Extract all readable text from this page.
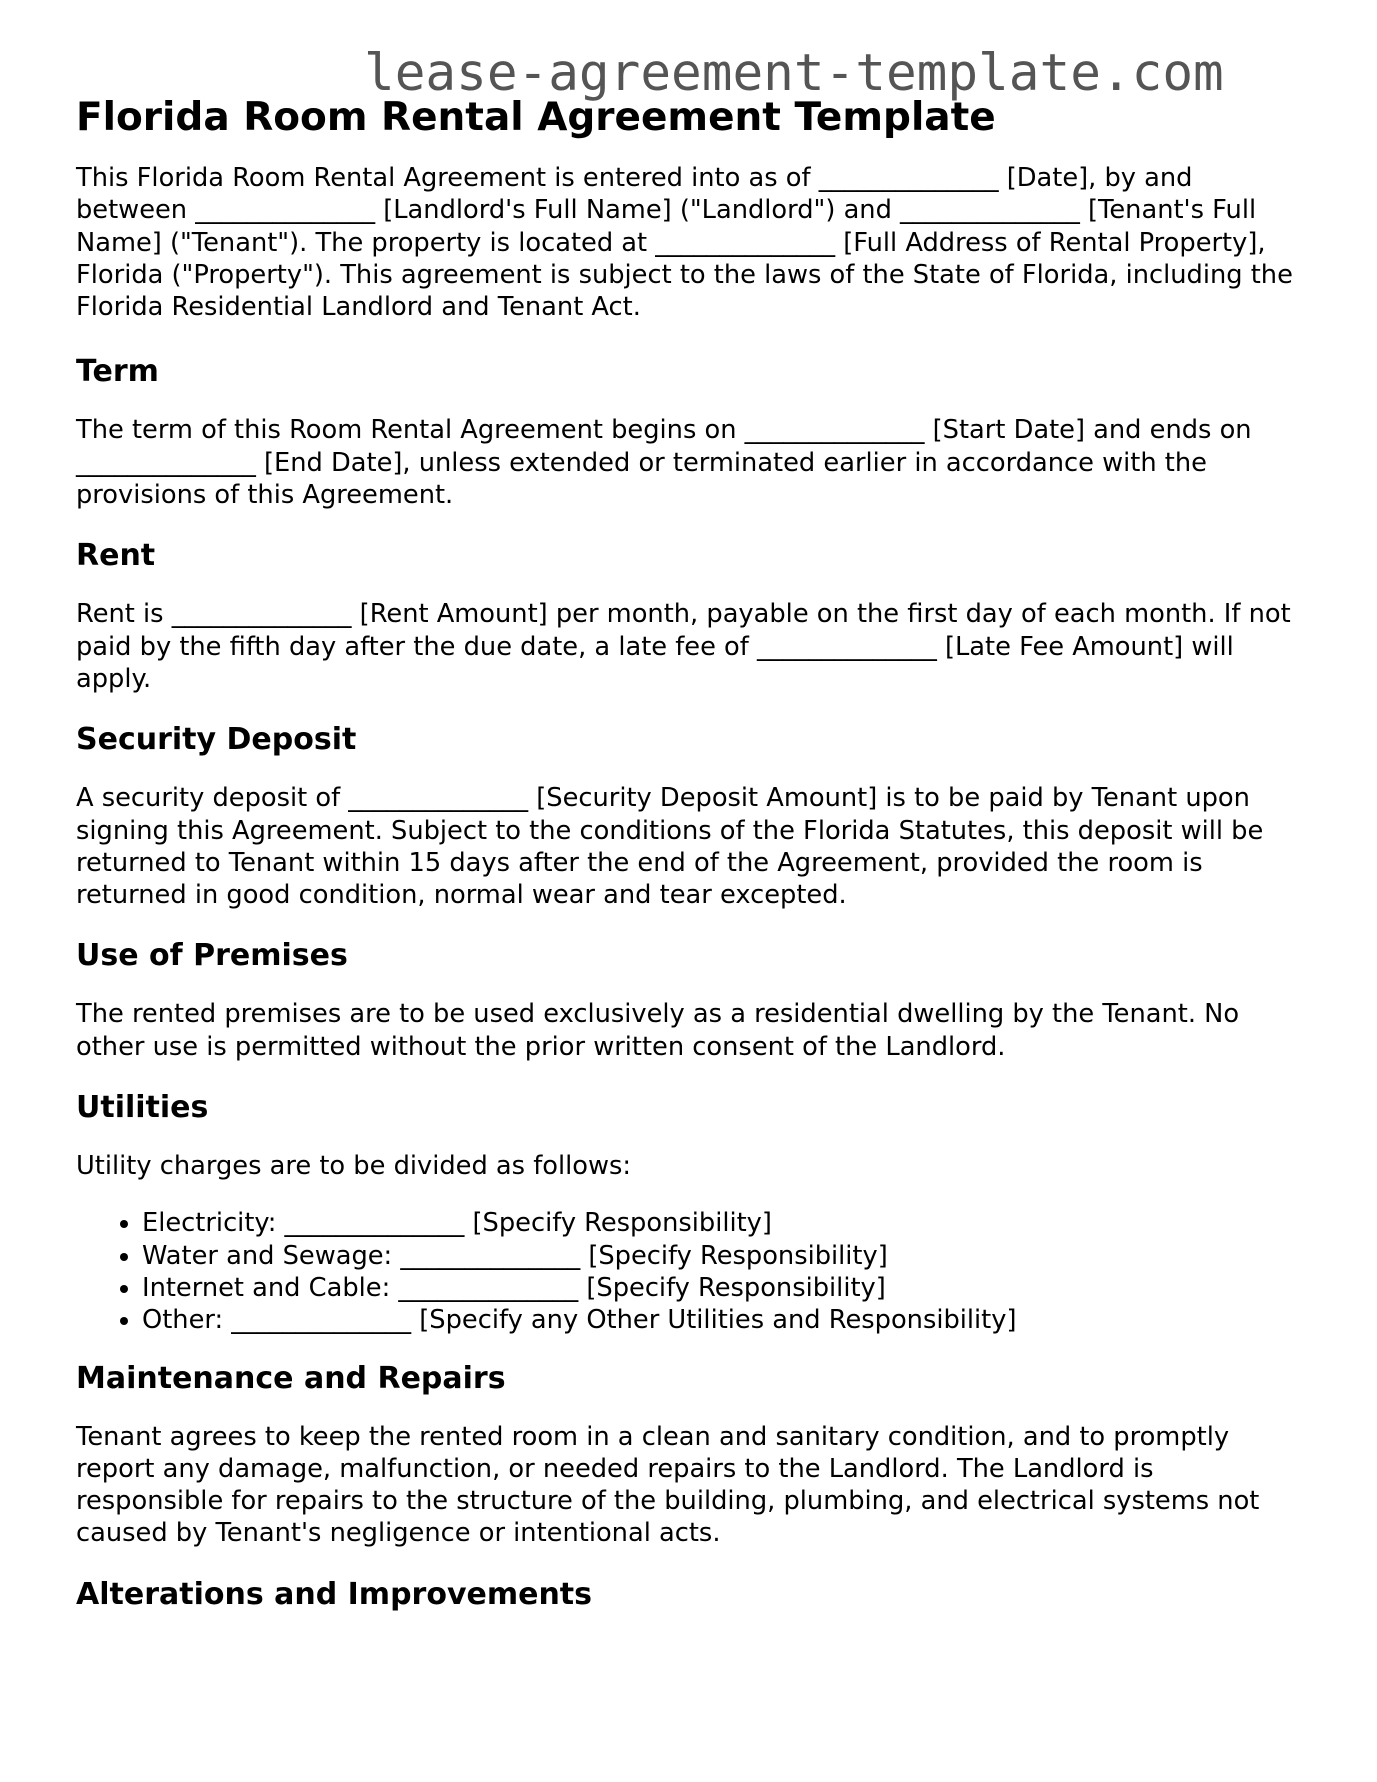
lease-agreement-template.com
Florida Room Rental Agreement Template

This Florida Room Rental Agreement is entered into as of ______________ [Date], by and between ______________ [Landlord's Full Name] ("Landlord") and ______________ [Tenant's Full Name] ("Tenant"). The property is located at ______________ [Full Address of Rental Property], Florida ("Property"). This agreement is subject to the laws of the State of Florida, including the Florida Residential Landlord and Tenant Act.

Term

The term of this Room Rental Agreement begins on ______________ [Start Date] and ends on ______________ [End Date], unless extended or terminated earlier in accordance with the provisions of this Agreement.

Rent

Rent is ______________ [Rent Amount] per month, payable on the first day of each month. If not paid by the fifth day after the due date, a late fee of ______________ [Late Fee Amount] will apply.

Security Deposit

A security deposit of ______________ [Security Deposit Amount] is to be paid by Tenant upon signing this Agreement. Subject to the conditions of the Florida Statutes, this deposit will be returned to Tenant within 15 days after the end of the Agreement, provided the room is returned in good condition, normal wear and tear excepted.

Use of Premises

The rented premises are to be used exclusively as a residential dwelling by the Tenant. No other use is permitted without the prior written consent of the Landlord.

Utilities

Utility charges are to be divided as follows:

• Electricity: ______________ [Specify Responsibility]
• Water and Sewage: ______________ [Specify Responsibility]
• Internet and Cable: ______________ [Specify Responsibility]
• Other: ______________ [Specify any Other Utilities and Responsibility]
Maintenance and Repairs

Tenant agrees to keep the rented room in a clean and sanitary condition, and to promptly report any damage, malfunction, or needed repairs to the Landlord. The Landlord is responsible for repairs to the structure of the building, plumbing, and electrical systems not caused by Tenant's negligence or intentional acts.

Alterations and Improvements
